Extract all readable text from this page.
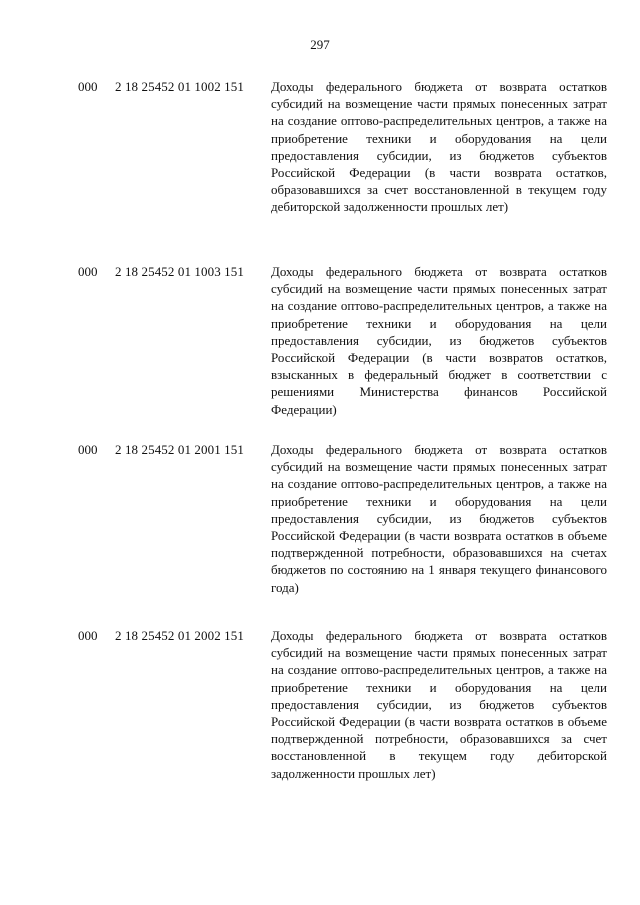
297
000 2 18 25452 01 1002 151 Доходы федерального бюджета от возврата остатков субсидий на возмещение части прямых понесенных затрат на создание оптово-распределительных центров, а также на приобретение техники и оборудования на цели предоставления субсидии, из бюджетов субъектов Российской Федерации (в части возврата остатков, образовавшихся за счет восстановленной в текущем году дебиторской задолженности прошлых лет)
000 2 18 25452 01 1003 151 Доходы федерального бюджета от возврата остатков субсидий на возмещение части прямых понесенных затрат на создание оптово-распределительных центров, а также на приобретение техники и оборудования на цели предоставления субсидии, из бюджетов субъектов Российской Федерации (в части возвратов остатков, взысканных в федеральный бюджет в соответствии с решениями Министерства финансов Российской Федерации)
000 2 18 25452 01 2001 151 Доходы федерального бюджета от возврата остатков субсидий на возмещение части прямых понесенных затрат на создание оптово-распределительных центров, а также на приобретение техники и оборудования на цели предоставления субсидии, из бюджетов субъектов Российской Федерации (в части возврата остатков в объеме подтвержденной потребности, образовавшихся на счетах бюджетов по состоянию на 1 января текущего финансового года)
000 2 18 25452 01 2002 151 Доходы федерального бюджета от возврата остатков субсидий на возмещение части прямых понесенных затрат на создание оптово-распределительных центров, а также на приобретение техники и оборудования на цели предоставления субсидии, из бюджетов субъектов Российской Федерации (в части возврата остатков в объеме подтвержденной потребности, образовавшихся за счет восстановленной в текущем году дебиторской задолженности прошлых лет)
